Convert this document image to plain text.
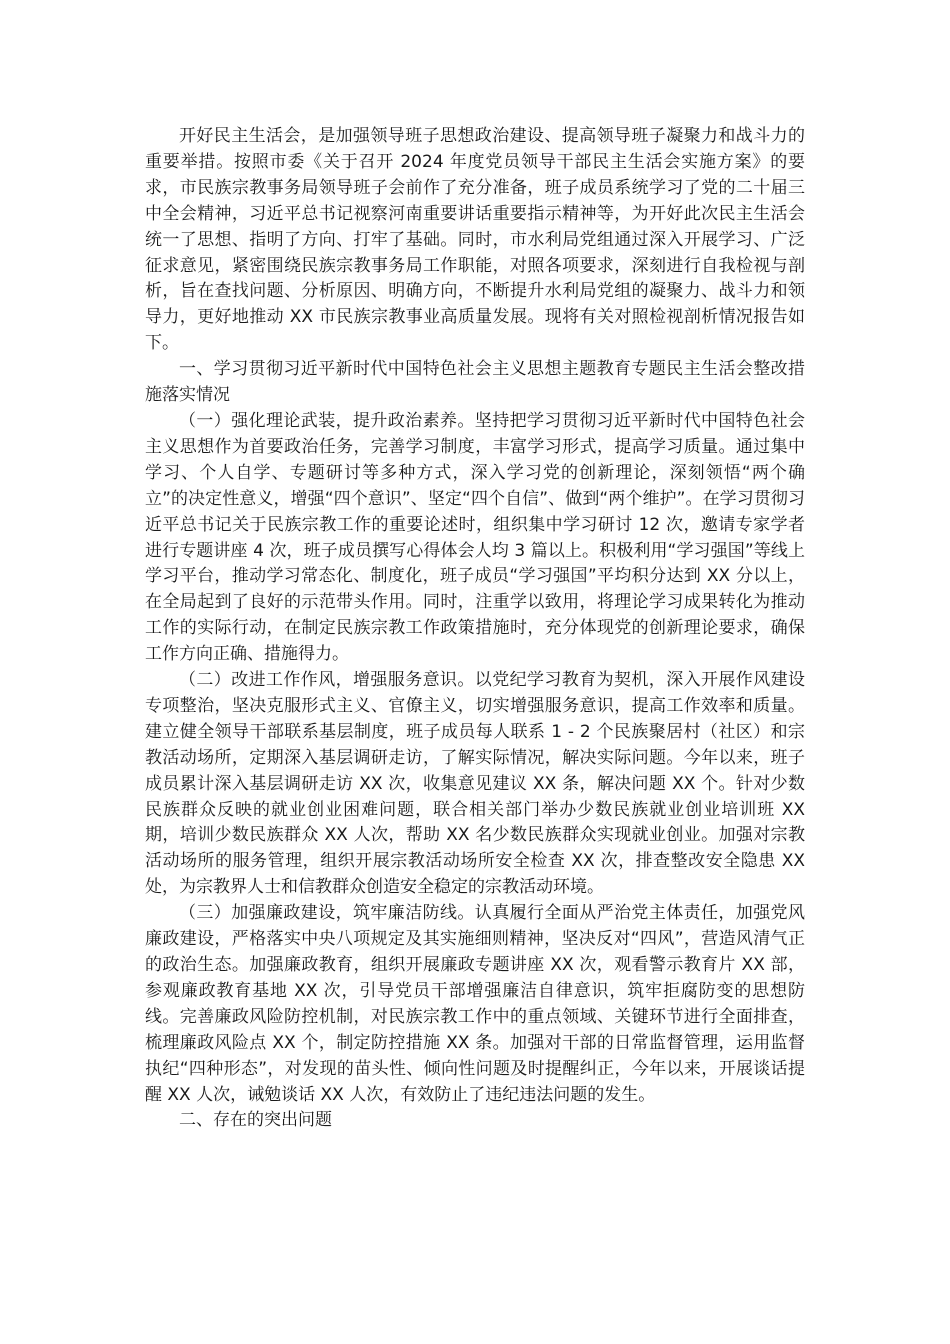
开好民主生活会，是加强领导班子思想政治建设、提高领导班子凝聚力和战斗力的重要举措。按照市委《关于召开 2024 年度党员领导干部民主生活会实施方案》的要求，市民族宗教事务局领导班子会前作了充分准备，班子成员系统学习了党的二十届三中全会精神，习近平总书记视察河南重要讲话重要指示精神等，为开好此次民主生活会统一了思想、指明了方向、打牢了基础。同时，市水利局党组通过深入开展学习、广泛征求意见，紧密围绕民族宗教事务局工作职能，对照各项要求，深刻进行自我检视与剖析，旨在查找问题、分析原因、明确方向，不断提升水利局党组的凝聚力、战斗力和领导力，更好地推动 XX 市民族宗教事业高质量发展。现将有关对照检视剖析情况报告如下。

一、学习贯彻习近平新时代中国特色社会主义思想主题教育专题民主生活会整改措施落实情况

（一）强化理论武装，提升政治素养。坚持把学习贯彻习近平新时代中国特色社会主义思想作为首要政治任务，完善学习制度，丰富学习形式，提高学习质量。通过集中学习、个人自学、专题研讨等多种方式，深入学习党的创新理论，深刻领悟“两个确立”的决定性意义，增强“四个意识”、坚定“四个自信”、做到“两个维护”。在学习贯彻习近平总书记关于民族宗教工作的重要论述时，组织集中学习研讨 12 次，邀请专家学者进行专题讲座 4 次，班子成员撰写心得体会人均 3 篇以上。积极利用“学习强国”等线上学习平台，推动学习常态化、制度化，班子成员“学习强国”平均积分达到 XX 分以上，在全局起到了良好的示范带头作用。同时，注重学以致用，将理论学习成果转化为推动工作的实际行动，在制定民族宗教工作政策措施时，充分体现党的创新理论要求，确保工作方向正确、措施得力。

（二）改进工作作风，增强服务意识。以党纪学习教育为契机，深入开展作风建设专项整治，坚决克服形式主义、官僚主义，切实增强服务意识，提高工作效率和质量。建立健全领导干部联系基层制度，班子成员每人联系 1 - 2 个民族聚居村（社区）和宗教活动场所，定期深入基层调研走访，了解实际情况，解决实际问题。今年以来，班子成员累计深入基层调研走访 XX 次，收集意见建议 XX 条，解决问题 XX 个。针对少数民族群众反映的就业创业困难问题，联合相关部门举办少数民族就业创业培训班 XX 期，培训少数民族群众 XX 人次，帮助 XX 名少数民族群众实现就业创业。加强对宗教活动场所的服务管理，组织开展宗教活动场所安全检查 XX 次，排查整改安全隐患 XX 处，为宗教界人士和信教群众创造安全稳定的宗教活动环境。

（三）加强廉政建设，筑牢廉洁防线。认真履行全面从严治党主体责任，加强党风廉政建设，严格落实中央八项规定及其实施细则精神，坚决反对“四风”，营造风清气正的政治生态。加强廉政教育，组织开展廉政专题讲座 XX 次，观看警示教育片 XX 部，参观廉政教育基地 XX 次，引导党员干部增强廉洁自律意识，筑牢拒腐防变的思想防线。完善廉政风险防控机制，对民族宗教工作中的重点领域、关键环节进行全面排查，梳理廉政风险点 XX 个，制定防控措施 XX 条。加强对干部的日常监督管理，运用监督执纪“四种形态”，对发现的苗头性、倾向性问题及时提醒纠正，今年以来，开展谈话提醒 XX 人次，诫勉谈话 XX 人次，有效防止了违纪违法问题的发生。

二、存在的突出问题
